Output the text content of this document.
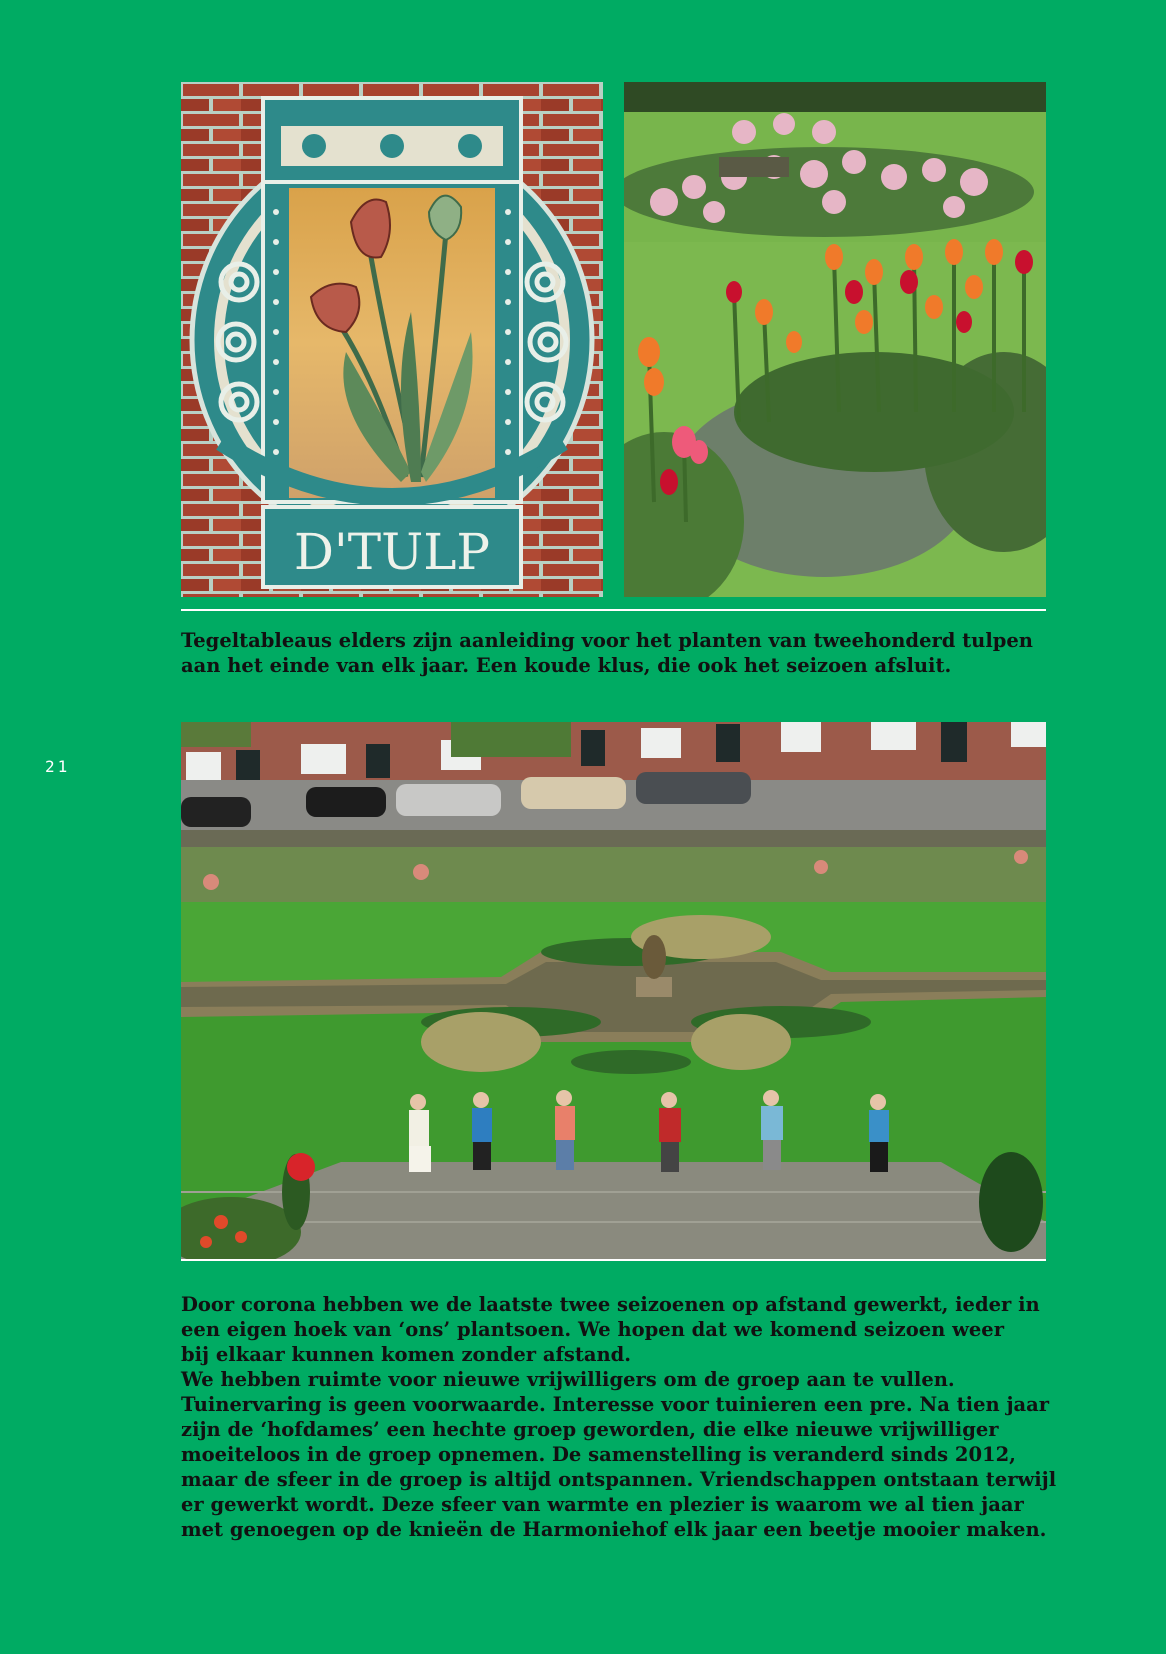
21
D'TULP

Tegeltableaus elders zijn aanleiding voor het planten van tweehonderd tulpen

aan het einde van elk jaar. Een koude klus, die ook het seizoen afsluit.

Door corona hebben we de laatste twee seizoenen op afstand gewerkt, ieder in

een eigen hoek van ‘ons’ plantsoen. We hopen dat we komend seizoen weer

bij elkaar kunnen komen zonder afstand.

We hebben ruimte voor nieuwe vrijwilligers om de groep aan te vullen.

Tuinervaring is geen voorwaarde. Interesse voor tuinieren een pre. Na tien jaar

zijn de ‘hofdames’ een hechte groep geworden, die elke nieuwe vrijwilliger

moeiteloos in de groep opnemen. De samenstelling is veranderd sinds 2012,

maar de sfeer in de groep is altijd ontspannen. Vriendschappen ontstaan terwijl

er gewerkt wordt. Deze sfeer van warmte en plezier is waarom we al tien jaar

met genoegen op de knieën de Harmoniehof elk jaar een beetje mooier maken.
